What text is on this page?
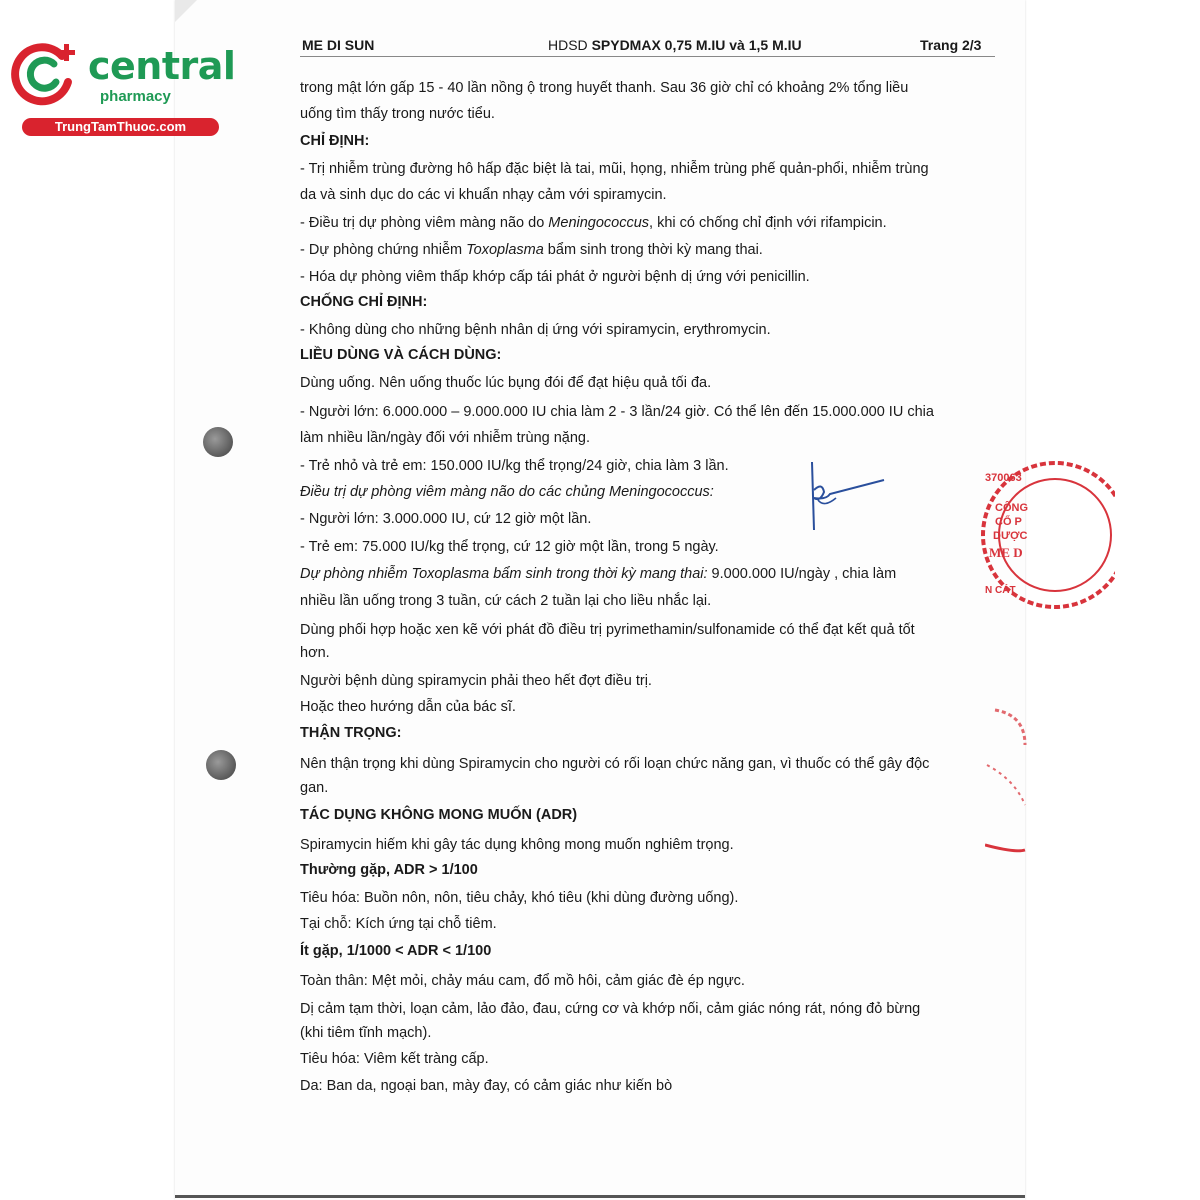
central
pharmacy
TrungTamThuoc.com
ME DI SUN	HDSD SPYDMAX 0,75 M.IU và 1,5 M.IU	Trang 2/3
trong mật lớn gấp 15 - 40 lần nồng ộ trong huyết thanh. Sau 36 giờ chỉ có khoảng 2% tổng liều
uống tìm thấy trong nước tiểu.
CHỈ ĐỊNH:
- Trị nhiễm trùng đường hô hấp đặc biệt là tai, mũi, họng, nhiễm trùng phế quản-phổi, nhiễm trùng
da và sinh dục do các vi khuẩn nhạy cảm với spiramycin.
- Điều trị dự phòng viêm màng não do Meningococcus, khi có chống chỉ định với rifampicin.
- Dự phòng chứng nhiễm Toxoplasma bẩm sinh trong thời kỳ mang thai.
- Hóa dự phòng viêm thấp khớp cấp tái phát ở người bệnh dị ứng với penicillin.
CHỐNG CHỈ ĐỊNH:
- Không dùng cho những bệnh nhân dị ứng với spiramycin, erythromycin.
LIỀU DÙNG VÀ CÁCH DÙNG:
Dùng uống. Nên uống thuốc lúc bụng đói để đạt hiệu quả tối đa.
- Người lớn: 6.000.000 – 9.000.000 IU chia làm 2 - 3 lần/24 giờ. Có thể lên đến 15.000.000 IU chia
làm nhiều lần/ngày đối với nhiễm trùng nặng.
- Trẻ nhỏ và trẻ em: 150.000 IU/kg thể trọng/24 giờ, chia làm 3 lần.
Điều trị dự phòng viêm màng não do các chủng Meningococcus:
- Người lớn: 3.000.000 IU, cứ 12 giờ một lần.
- Trẻ em: 75.000 IU/kg thể trọng, cứ 12 giờ một lần, trong 5 ngày.
Dự phòng nhiễm Toxoplasma bẩm sinh trong thời kỳ mang thai: 9.000.000 IU/ngày , chia làm
nhiều lần uống trong 3 tuần, cứ cách 2 tuần lại cho liều nhắc lại.
Dùng phối hợp hoặc xen kẽ với phát đồ điều trị pyrimethamin/sulfonamide có thể đạt kết quả tốt
hơn.
Người bệnh dùng spiramycin phải theo hết đợt điều trị.
Hoặc theo hướng dẫn của bác sĩ.
THẬN TRỌNG:
Nên thận trọng khi dùng Spiramycin cho người có rối loạn chức năng gan, vì thuốc có thể gây độc
gan.
TÁC DỤNG KHÔNG MONG MUỐN (ADR)
Spiramycin hiếm khi gây tác dụng không mong muốn nghiêm trọng.
Thường gặp, ADR > 1/100
Tiêu hóa: Buồn nôn, nôn, tiêu chảy, khó tiêu (khi dùng đường uống).
Tại chỗ: Kích ứng tại chỗ tiêm.
Ít gặp, 1/1000 < ADR < 1/100
Toàn thân: Mệt mỏi, chảy máu cam, đổ mồ hôi, cảm giác đè ép ngực.
Dị cảm tạm thời, loạn cảm, lảo đảo, đau, cứng cơ và khớp nối, cảm giác nóng rát, nóng đỏ bừng
(khi tiêm tĩnh mạch).
Tiêu hóa: Viêm kết tràng cấp.
Da: Ban da, ngoại ban, mày đay, có cảm giác như kiến bò
370063
CÔNG
CỔ P
DƯỢC
ME D
N CÁT
